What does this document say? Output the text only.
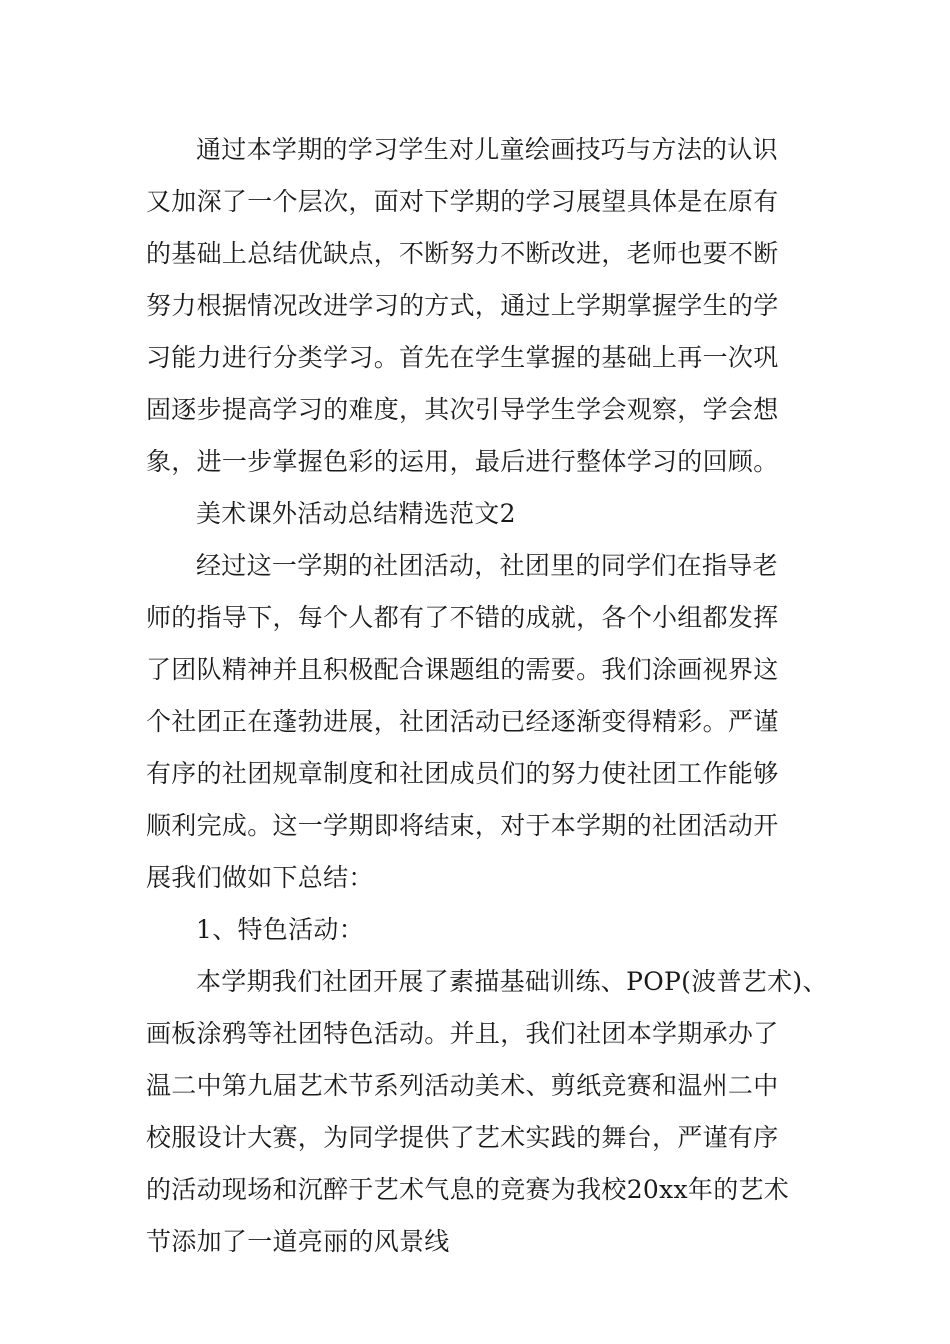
通过本学期的学习学生对儿童绘画技巧与方法的认识
又加深了一个层次，面对下学期的学习展望具体是在原有
的基础上总结优缺点，不断努力不断改进，老师也要不断
努力根据情况改进学习的方式，通过上学期掌握学生的学
习能力进行分类学习。首先在学生掌握的基础上再一次巩
固逐步提高学习的难度，其次引导学生学会观察，学会想
象，进一步掌握色彩的运用，最后进行整体学习的回顾。
美术课外活动总结精选范文2
经过这一学期的社团活动，社团里的同学们在指导老
师的指导下，每个人都有了不错的成就，各个小组都发挥
了团队精神并且积极配合课题组的需要。我们涂画视界这
个社团正在蓬勃进展，社团活动已经逐渐变得精彩。严谨
有序的社团规章制度和社团成员们的努力使社团工作能够
顺利完成。这一学期即将结束，对于本学期的社团活动开
展我们做如下总结：
1、特色活动：
本学期我们社团开展了素描基础训练、POP(波普艺术)、
画板涂鸦等社团特色活动。并且，我们社团本学期承办了
温二中第九届艺术节系列活动美术、剪纸竞赛和温州二中
校服设计大赛，为同学提供了艺术实践的舞台，严谨有序
的活动现场和沉醉于艺术气息的竞赛为我校20xx年的艺术
节添加了一道亮丽的风景线
